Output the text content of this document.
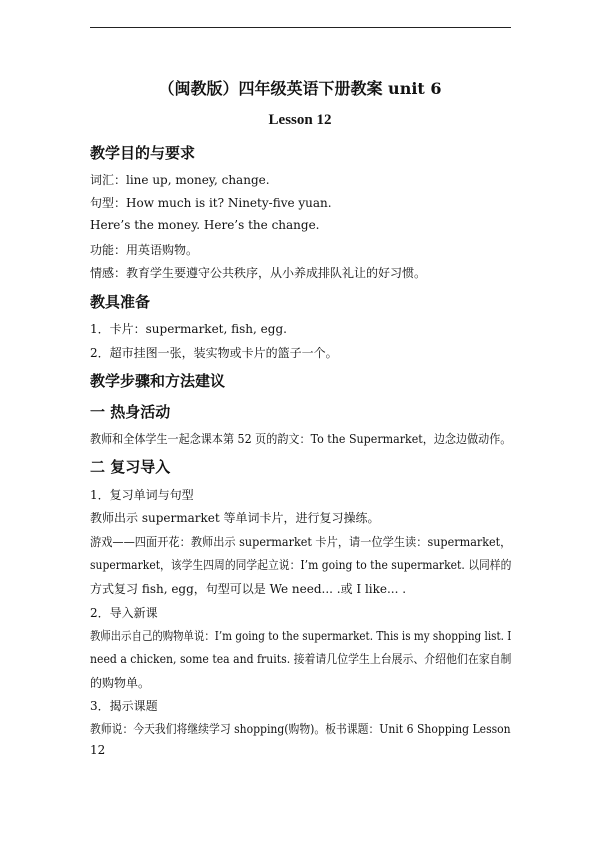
（闽教版）四年级英语下册教案 unit 6
Lesson 12
教学目的与要求
词汇：line up, money, change.
句型：How much is it? Ninety-five yuan.
Here’s the money. Here’s the change.
功能：用英语购物。
情感：教育学生要遵守公共秩序，从小养成排队礼让的好习惯。
教具准备
1．卡片：supermarket, fish, egg.
2．超市挂图一张，装实物或卡片的篮子一个。
教学步骤和方法建议
一 热身活动
教师和全体学生一起念课本第 52 页的韵文：To the Supermarket，边念边做动作。
二 复习导入
1．复习单词与句型
教师出示 supermarket 等单词卡片，进行复习操练。
游戏——四面开花：教师出示 supermarket 卡片，请一位学生读：supermarket，
supermarket，该学生四周的同学起立说：I’m going to the supermarket. 以同样的
方式复习 fish, egg，句型可以是 We need... .或 I like... .
2．导入新课
教师出示自己的购物单说：I’m going to the supermarket. This is my shopping list. I
need a chicken, some tea and fruits. 接着请几位学生上台展示、介绍他们在家自制
的购物单。
3．揭示课题
教师说：今天我们将继续学习 shopping(购物)。板书课题：Unit 6 Shopping Lesson
12
